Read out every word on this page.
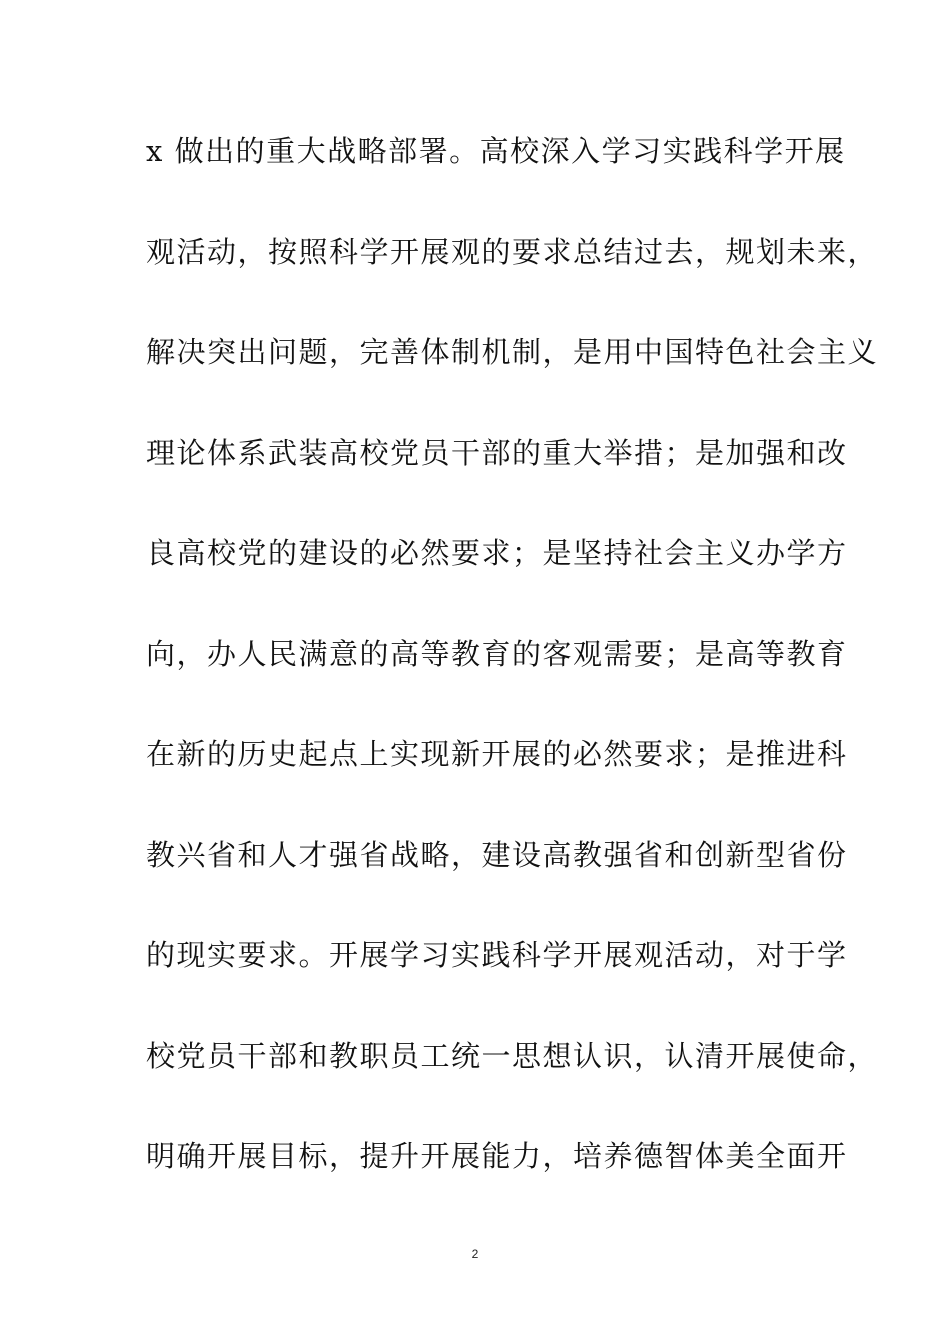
x 做出的重大战略部署。高校深入学习实践科学开展
观活动，按照科学开展观的要求总结过去，规划未来，
解决突出问题，完善体制机制，是用中国特色社会主义
理论体系武装高校党员干部的重大举措；是加强和改
良高校党的建设的必然要求；是坚持社会主义办学方
向，办人民满意的高等教育的客观需要；是高等教育
在新的历史起点上实现新开展的必然要求；是推进科
教兴省和人才强省战略，建设高教强省和创新型省份
的现实要求。开展学习实践科学开展观活动，对于学
校党员干部和教职员工统一思想认识，认清开展使命，
明确开展目标，提升开展能力，培养德智体美全面开
2
